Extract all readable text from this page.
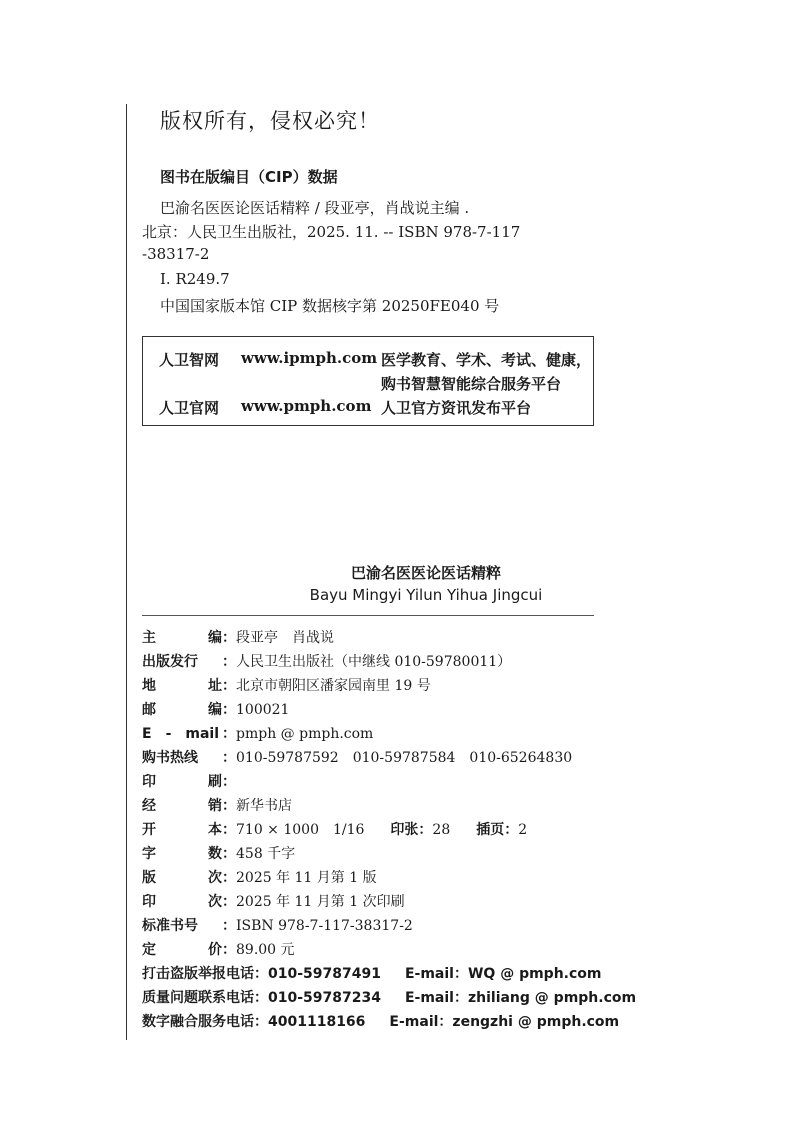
版权所有，侵权必究！
图书在版编目（CIP）数据
巴渝名医医论医话精粹 / 段亚亭，肖战说主编 .
北京：人民卫生出版社，2025. 11. -- ISBN 978-7-117
-38317-2
Ⅰ. R249.7
中国国家版本馆 CIP 数据核字第 20250FE040 号
人卫智网 www.ipmph.com 医学教育、学术、考试、健康，
购书智慧智能综合服务平台
人卫官网 www.pmph.com 人卫官方资讯发布平台
巴渝名医医论医话精粹
Bayu Mingyi Yilun Yihua Jingcui
主	编 ： 段亚亭　肖战说
出版发行	： 人民卫生出版社（中继线 010-59780011）
地	址 ： 北京市朝阳区潘家园南里 19 号
邮	编 ： 100021
E　-　mail ： pmph @ pmph.com
购书热线	： 010-59787592　010-59787584　010-65264830
印	刷 ：
经	销 ： 新华书店
开	本 ： 710 × 1000　1/16 印张 ： 28 插页 ： 2
字	数 ： 458 千字
版	次 ： 2025 年 11 月第 1 版
印	次 ： 2025 年 11 月第 1 次印刷
标准书号	： ISBN 978-7-117-38317-2
定	价 ： 89.00 元
打击盗版举报电话： 010-59787491 E-mail：WQ @ pmph.com
质量问题联系电话： 010-59787234 E-mail：zhiliang @ pmph.com
数字融合服务电话： 4001118166 E-mail：zengzhi @ pmph.com
